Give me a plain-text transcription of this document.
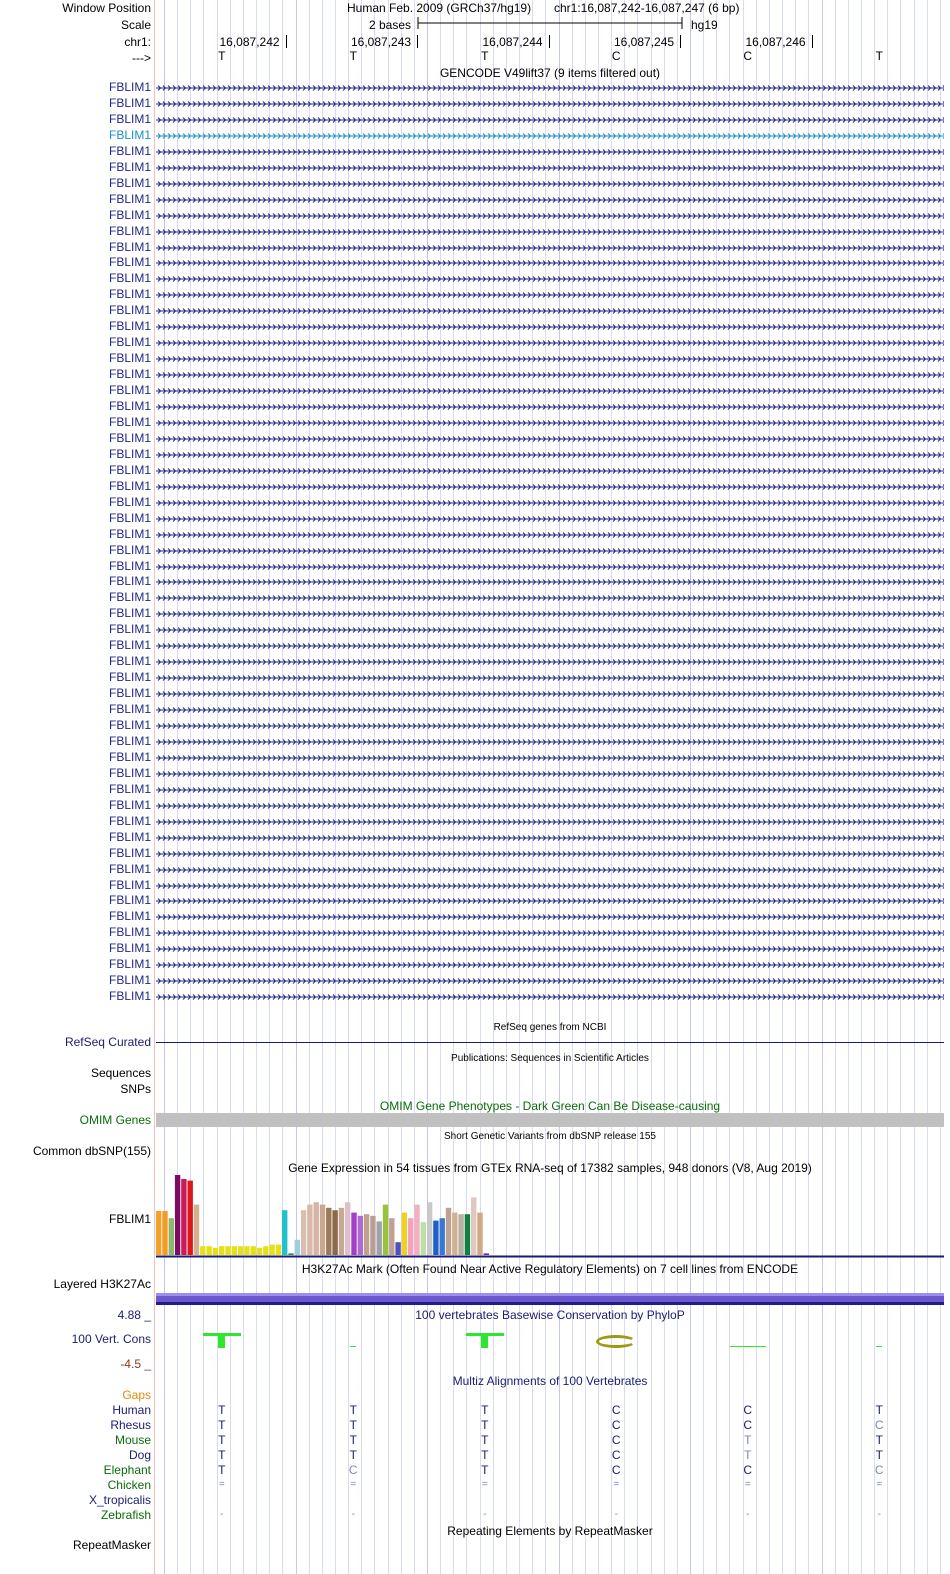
Window Position
Scale
chr1:
--->
Human Feb. 2009 (GRCh37/hg19) chr1:16,087,242-16,087,247 (6 bp)
2 bases	hg19
GENCODE V49lift37 (9 items filtered out)
RefSeq genes from NCBI
RefSeq Curated
Publications: Sequences in Scientific Articles
Sequences
SNPs
OMIM Gene Phenotypes - Dark Green Can Be Disease-causing
OMIM Genes
Short Genetic Variants from dbSNP release 155
Common dbSNP(155)
Gene Expression in 54 tissues from GTEx RNA-seq of 17382 samples, 948 donors (V8, Aug 2019)
FBLIM1
H3K27Ac Mark (Often Found Near Active Regulatory Elements) on 7 cell lines from ENCODE
Layered H3K27Ac
100 vertebrates Basewise Conservation by PhyloP
4.88 _
100 Vert. Cons
-4.5 _
Multiz Alignments of 100 Vertebrates
Gaps
Repeating Elements by RepeatMasker
RepeatMasker
16,087,242	16,087,243	16,087,244	16,087,245	16,087,246
T	T	T	C	C	T
FBLIM1
FBLIM1
FBLIM1
FBLIM1
FBLIM1
FBLIM1
FBLIM1
FBLIM1
FBLIM1
FBLIM1
FBLIM1
FBLIM1
FBLIM1
FBLIM1
FBLIM1
FBLIM1
FBLIM1
FBLIM1
FBLIM1
FBLIM1
FBLIM1
FBLIM1
FBLIM1
FBLIM1
FBLIM1
FBLIM1
FBLIM1
FBLIM1
FBLIM1
FBLIM1
FBLIM1
FBLIM1
FBLIM1
FBLIM1
FBLIM1
FBLIM1
FBLIM1
FBLIM1
FBLIM1
FBLIM1
FBLIM1
FBLIM1
FBLIM1
FBLIM1
FBLIM1
FBLIM1
FBLIM1
FBLIM1
FBLIM1
FBLIM1
FBLIM1
FBLIM1
FBLIM1
FBLIM1
FBLIM1
FBLIM1
FBLIM1
FBLIM1
Human	T	T	T	C	C	T
Rhesus	T	T	T	C	C	C
Mouse	T	T	T	C	T	T
Dog	T	T	T	C	T	T
Elephant	T	C	T	C	C	C
Chicken	=	=	=	=	=	=
X_tropicalis
Zebrafish	-	-	-	-	-	-
